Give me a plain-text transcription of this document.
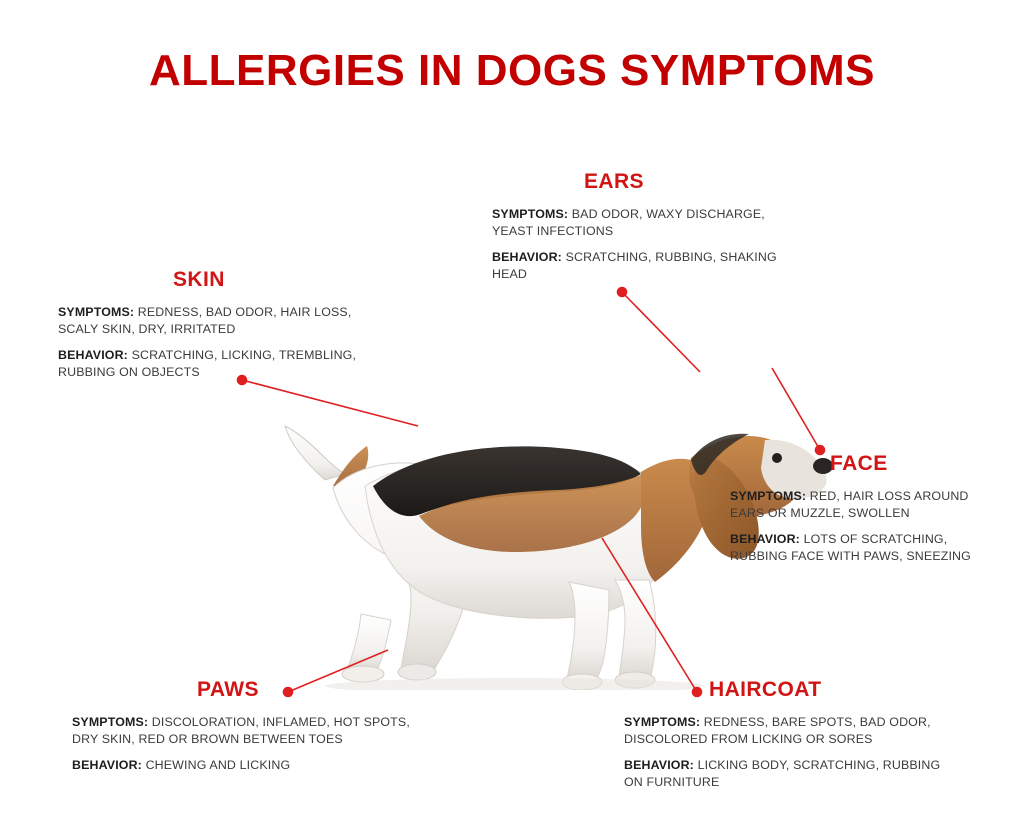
ALLERGIES IN DOGS SYMPTOMS
EARS
SYMPTOMS: BAD ODOR, WAXY DISCHARGE, YEAST INFECTIONS
BEHAVIOR: SCRATCHING, RUBBING, SHAKING HEAD
SKIN
SYMPTOMS: REDNESS, BAD ODOR, HAIR LOSS, SCALY SKIN, DRY, IRRITATED
BEHAVIOR: SCRATCHING, LICKING, TREMBLING, RUBBING ON OBJECTS
FACE
SYMPTOMS: RED, HAIR LOSS AROUND EARS OR MUZZLE, SWOLLEN
BEHAVIOR: LOTS OF SCRATCHING, RUBBING FACE WITH PAWS, SNEEZING
PAWS
SYMPTOMS: DISCOLORATION, INFLAMED, HOT SPOTS, DRY SKIN, RED OR BROWN BETWEEN TOES
BEHAVIOR: CHEWING AND LICKING
HAIRCOAT
SYMPTOMS: REDNESS, BARE SPOTS, BAD ODOR, DISCOLORED FROM LICKING OR SORES
BEHAVIOR: LICKING BODY, SCRATCHING, RUBBING ON FURNITURE
